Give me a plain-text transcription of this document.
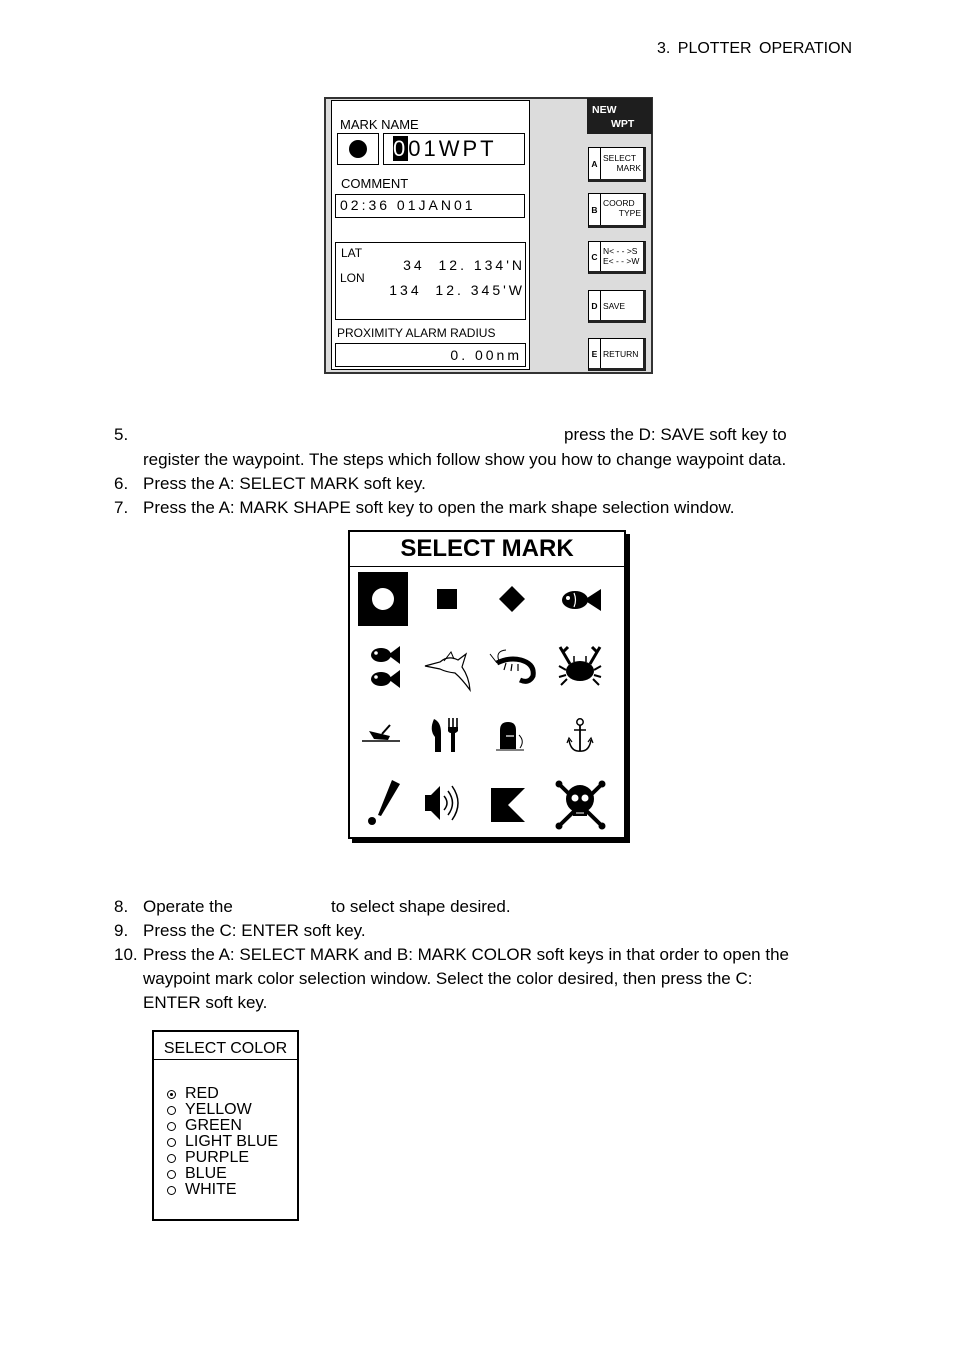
3. PLOTTER OPERATION
MARK NAME
001WPT
COMMENT
02:36 01JAN01
LAT
34  12. 134'N
LON
134  12. 345'W
PROXIMITY ALARM RADIUS
0. 00nm
NEW
WPT
A
SELECT
MARK
B
COORD
TYPE
C
N< - - >S
E< - - >W
D SAVE
E RETURN
5.	press the D: SAVE soft key to
register the waypoint. The steps which follow show you how to change waypoint data.
6. Press the A: SELECT MARK soft key.
7. Press the A: MARK SHAPE soft key to open the mark shape selection window.
SELECT MARK
8. Operate the	to select shape desired.
9. Press the C: ENTER soft key.
10. Press the A: SELECT MARK and B: MARK COLOR soft keys in that order to open the
waypoint mark color selection window. Select the color desired, then press the C:
ENTER soft key.
SELECT COLOR

RED

YELLOW

GREEN

LIGHT BLUE

PURPLE

BLUE

WHITE
